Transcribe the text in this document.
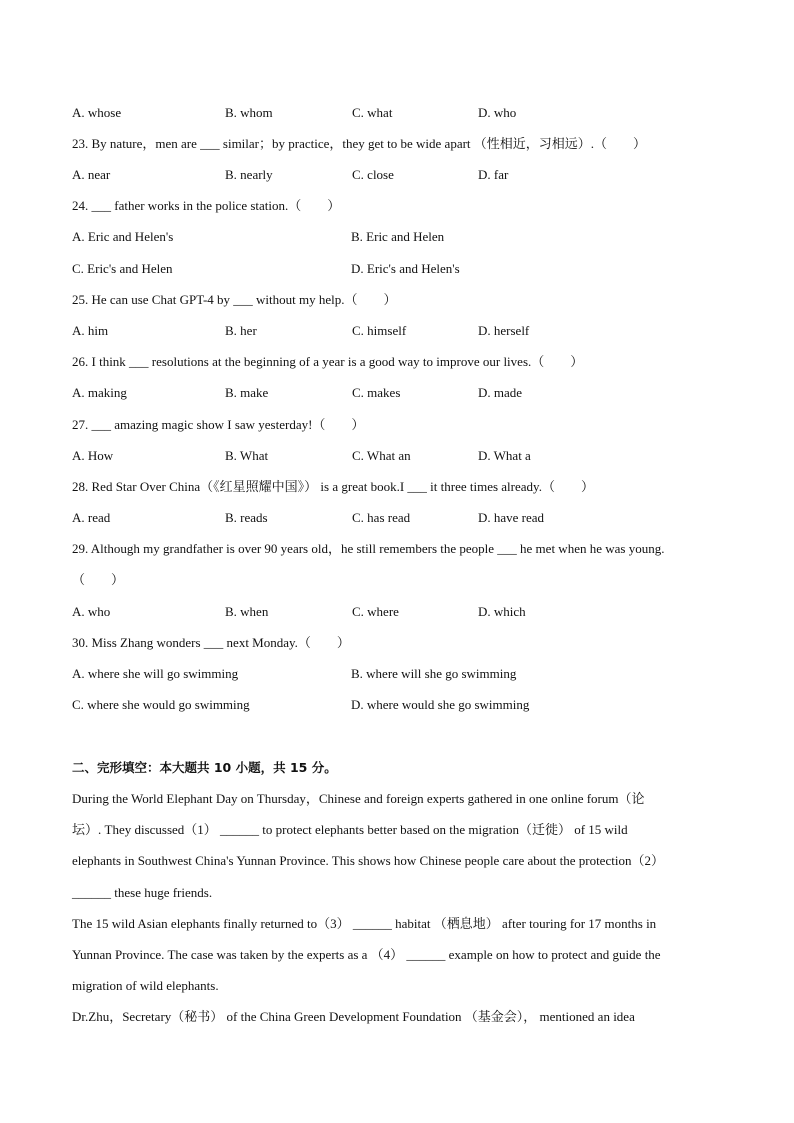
A. whose	B. whom	C. what	D. who
23. By nature，men are ___ similar；by practice，they get to be wide apart （性相近，习相远）.（　　）
A. near	B. nearly	C. close	D. far
24. ___ father works in the police station.（　　）
A. Eric and Helen's	B. Eric and Helen
C. Eric's and Helen	D. Eric's and Helen's
25. He can use Chat GPT-4 by ___ without my help.（　　）
A. him	B. her	C. himself	D. herself
26. I think ___ resolutions at the beginning of a year is a good way to improve our lives.（　　）
A. making	B. make	C. makes	D. made
27. ___ amazing magic show I saw yesterday!（　　）
A. How	B. What	C. What an	D. What a
28. Red Star Over China（《红星照耀中国》） is a great book.I ___ it three times already.（　　）
A. read	B. reads	C. has read	D. have read
29. Although my grandfather is over 90 years old，he still remembers the people ___ he met when he was young.
（　　）
A. who	B. when	C. where	D. which
30. Miss Zhang wonders ___ next Monday.（　　）
A. where she will go swimming	B. where will she go swimming
C. where she would go swimming	D. where would she go swimming
二、完形填空：本大题共 10 小题，共 15 分。
During the World Elephant Day on Thursday，Chinese and foreign experts gathered in one online forum（论
坛）. They discussed（1） ______ to protect elephants better based on the migration（迁徙） of 15 wild
elephants in Southwest China's Yunnan Province. This shows how Chinese people care about the protection（2）
______ these huge friends.
The 15 wild Asian elephants finally returned to（3） ______ habitat （栖息地） after touring for 17 months in
Yunnan Province. The case was taken by the experts as a （4） ______ example on how to protect and guide the
migration of wild elephants.
Dr.Zhu，Secretary（秘书） of the China Green Development Foundation （基金会）， mentioned an idea
